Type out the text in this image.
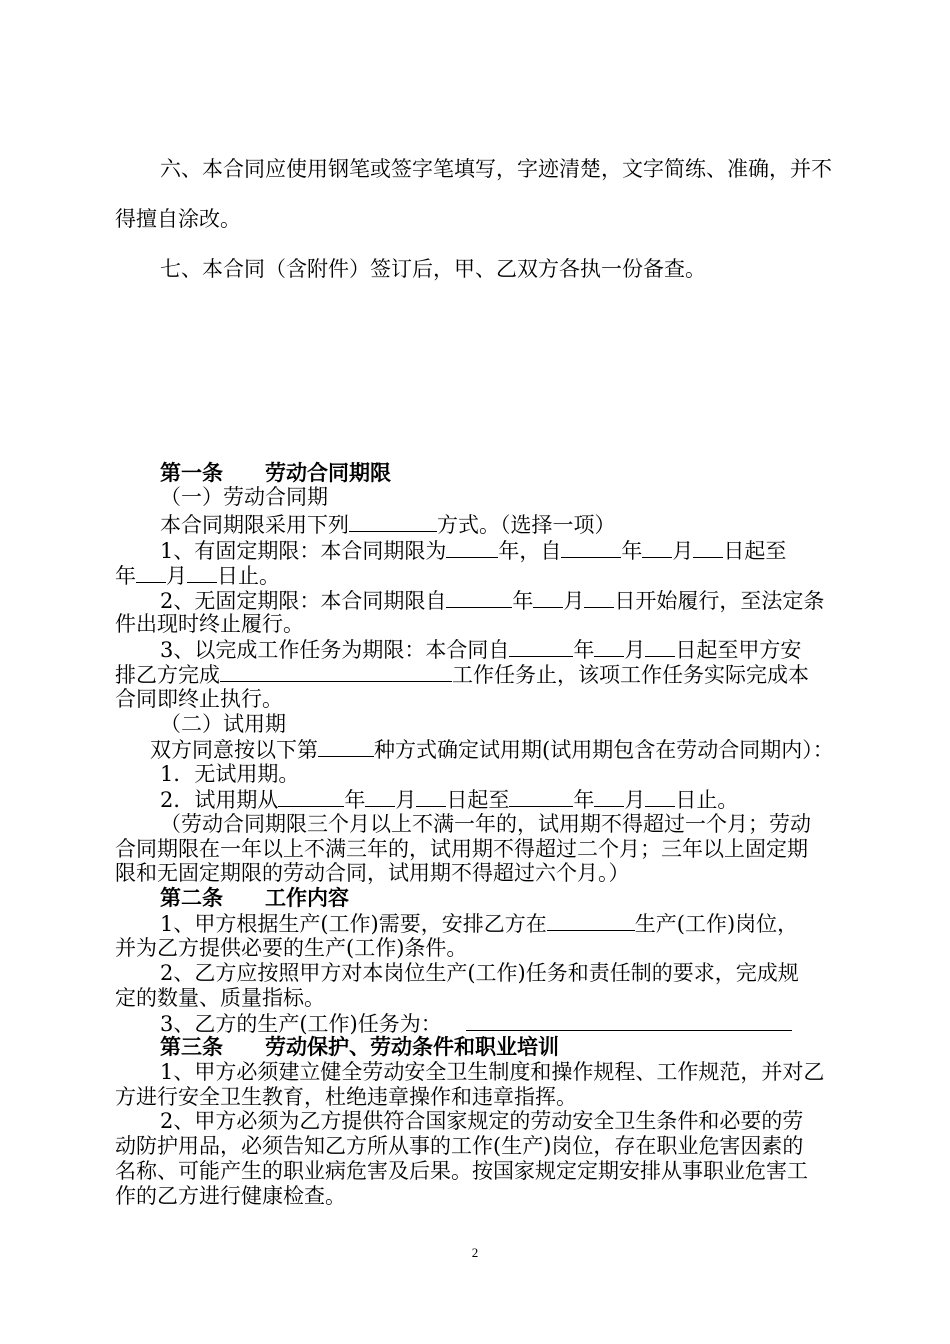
六、本合同应使用钢笔或签字笔填写，字迹清楚，文字简练、准确，并不
得擅自涂改。
七、本合同（含附件）签订后，甲、乙双方各执一份备查。
第一条　　劳动合同期限
（一）劳动合同期
本合同期限采用下列	方式。（选择一项）
1、有固定期限：本合同期限为 年，自	年 月 日起至
年 月 日止。
2、无固定期限：本合同期限自	年 月 日开始履行，至法定条
件出现时终止履行。
3、以完成工作任务为期限：本合同自	年 月 日起至甲方安
排乙方完成	工作任务止，该项工作任务实际完成本
合同即终止执行。
（二）试用期
双方同意按以下第	种方式确定试用期(试用期包含在劳动合同期内）：
1．无试用期。
2．试用期从	年 月 日起至	年 月 日止。
（劳动合同期限三个月以上不满一年的，试用期不得超过一个月；劳动
合同期限在一年以上不满三年的，试用期不得超过二个月；三年以上固定期
限和无固定期限的劳动合同，试用期不得超过六个月。）
第二条　　工作内容
1、甲方根据生产(工作)需要，安排乙方在	生产(工作)岗位，
并为乙方提供必要的生产(工作)条件。
2、乙方应按照甲方对本岗位生产(工作)任务和责任制的要求，完成规
定的数量、质量指标。
3、乙方的生产(工作)任务为：
第三条　　劳动保护、劳动条件和职业培训
1、甲方必须建立健全劳动安全卫生制度和操作规程、工作规范，并对乙
方进行安全卫生教育，杜绝违章操作和违章指挥。
2、甲方必须为乙方提供符合国家规定的劳动安全卫生条件和必要的劳
动防护用品，必须告知乙方所从事的工作(生产)岗位，存在职业危害因素的
名称、可能产生的职业病危害及后果。按国家规定定期安排从事职业危害工
作的乙方进行健康检查。
2
